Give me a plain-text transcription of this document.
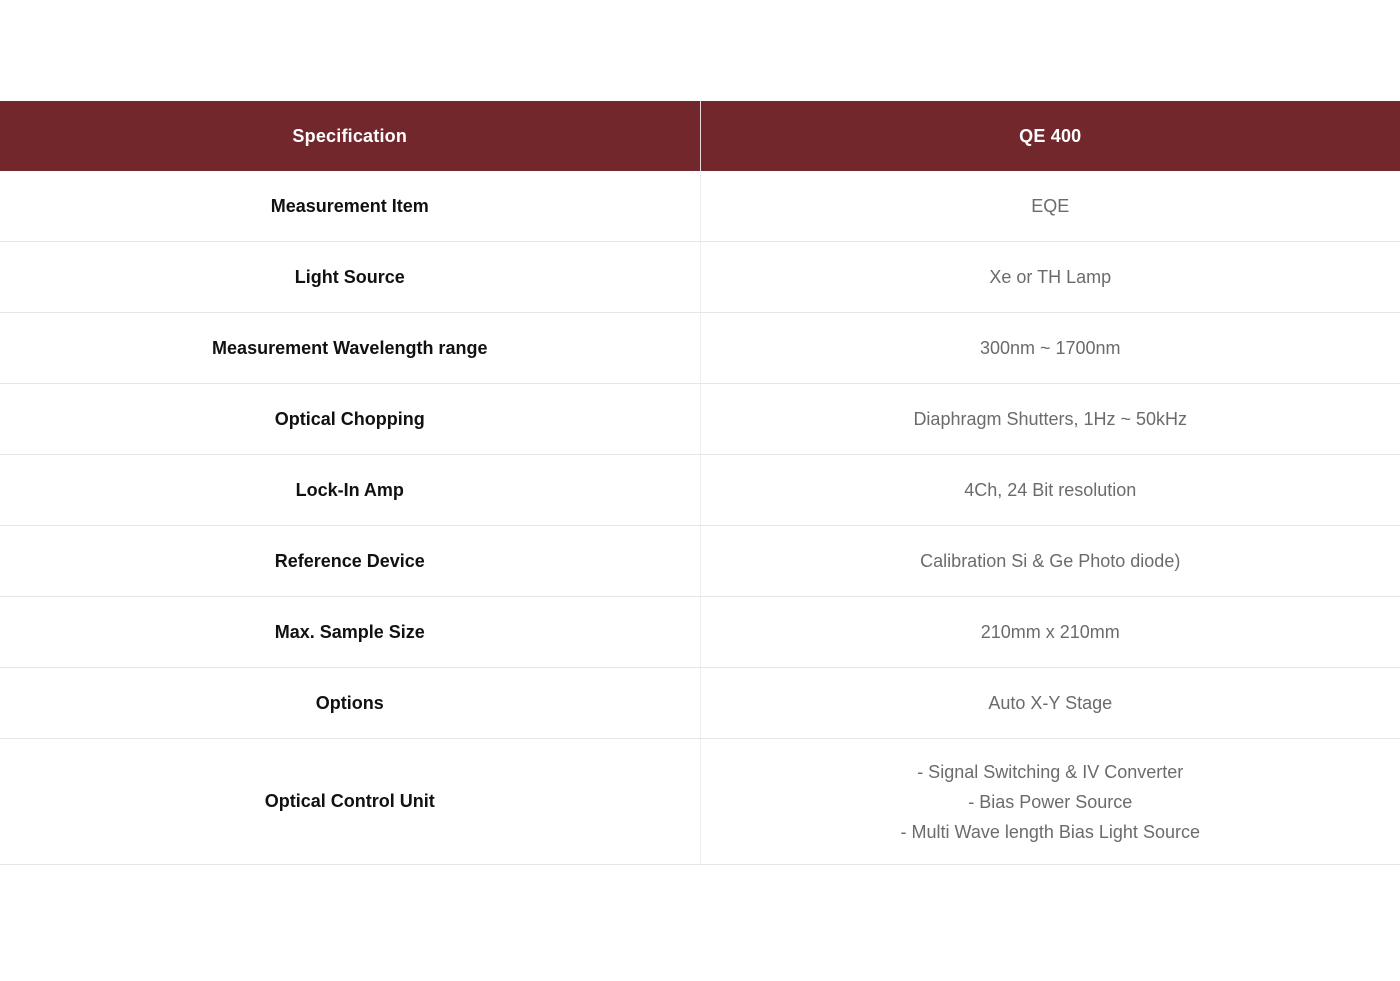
Specification	QE 400
Measurement Item	EQE
Light Source	Xe or TH Lamp
Measurement Wavelength range	300nm ~ 1700nm
Optical Chopping	Diaphragm Shutters, 1Hz ~ 50kHz
Lock-In Amp	4Ch, 24 Bit resolution
Reference Device	Calibration Si & Ge Photo diode)
Max. Sample Size	210mm x 210mm
Options	Auto X-Y Stage
Optical Control Unit	- Signal Switching & IV Converter
- Bias Power Source
- Multi Wave length Bias Light Source
